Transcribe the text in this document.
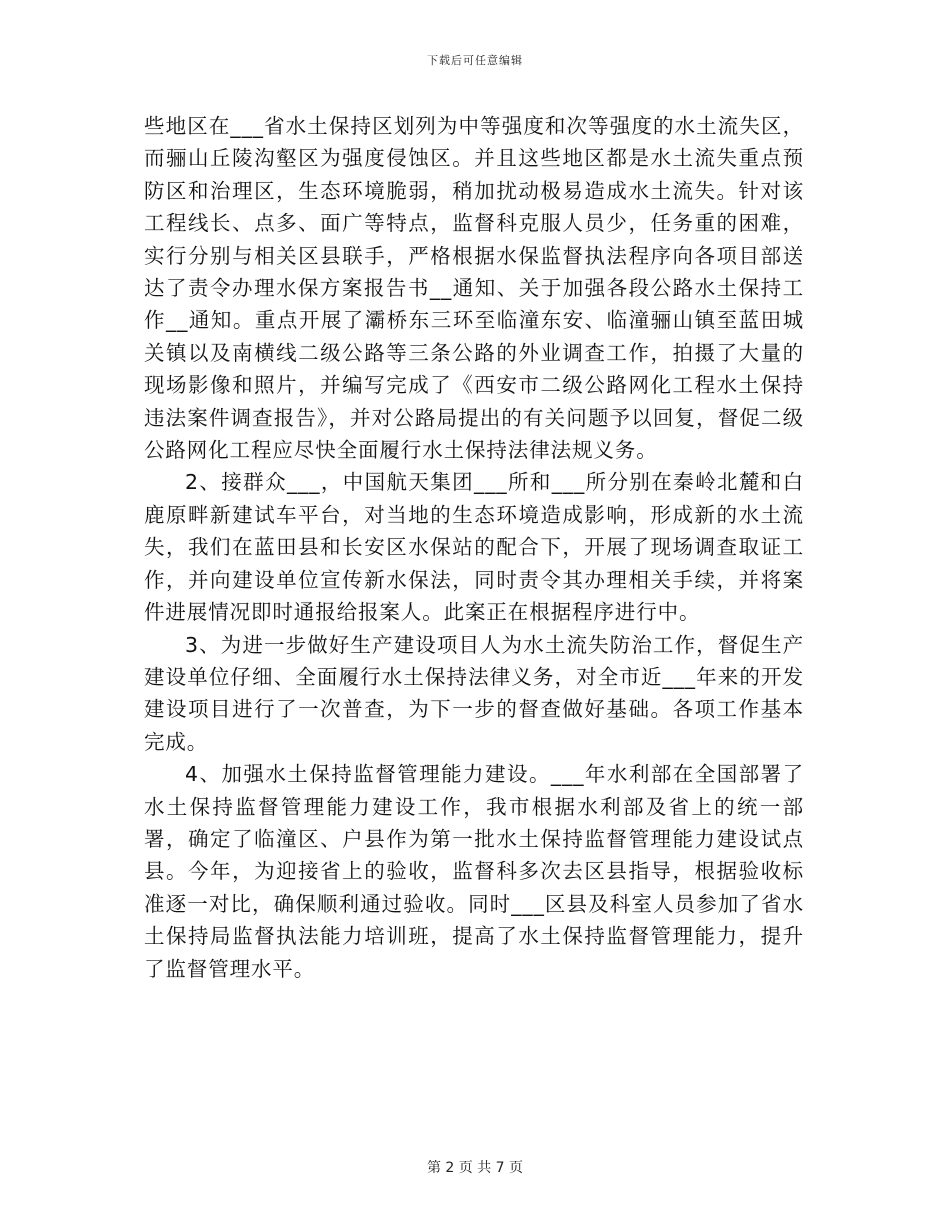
下载后可任意编辑

些地区在___省水土保持区划列为中等强度和次等强度的水土流失区，而骊山丘陵沟壑区为强度侵蚀区。并且这些地区都是水土流失重点预防区和治理区，生态环境脆弱，稍加扰动极易造成水土流失。针对该工程线长、点多、面广等特点，监督科克服人员少，任务重的困难，实行分别与相关区县联手，严格根据水保监督执法程序向各项目部送达了责令办理水保方案报告书__通知、关于加强各段公路水土保持工作__通知。重点开展了灞桥东三环至临潼东安、临潼骊山镇至蓝田城关镇以及南横线二级公路等三条公路的外业调查工作，拍摄了大量的现场影像和照片，并编写完成了《西安市二级公路网化工程水土保持违法案件调查报告》，并对公路局提出的有关问题予以回复，督促二级公路网化工程应尽快全面履行水土保持法律法规义务。

2、接群众___，中国航天集团___所和___所分别在秦岭北麓和白鹿原畔新建试车平台，对当地的生态环境造成影响，形成新的水土流失，我们在蓝田县和长安区水保站的配合下，开展了现场调查取证工作，并向建设单位宣传新水保法，同时责令其办理相关手续，并将案件进展情况即时通报给报案人。此案正在根据程序进行中。

3、为进一步做好生产建设项目人为水土流失防治工作，督促生产建设单位仔细、全面履行水土保持法律义务，对全市近___年来的开发建设项目进行了一次普查，为下一步的督查做好基础。各项工作基本完成。

4、加强水土保持监督管理能力建设。___年水利部在全国部署了水土保持监督管理能力建设工作，我市根据水利部及省上的统一部署，确定了临潼区、户县作为第一批水土保持监督管理能力建设试点县。今年，为迎接省上的验收，监督科多次去区县指导，根据验收标准逐一对比，确保顺利通过验收。同时___区县及科室人员参加了省水土保持局监督执法能力培训班，提高了水土保持监督管理能力，提升了监督管理水平。

第 2 页 共 7 页
